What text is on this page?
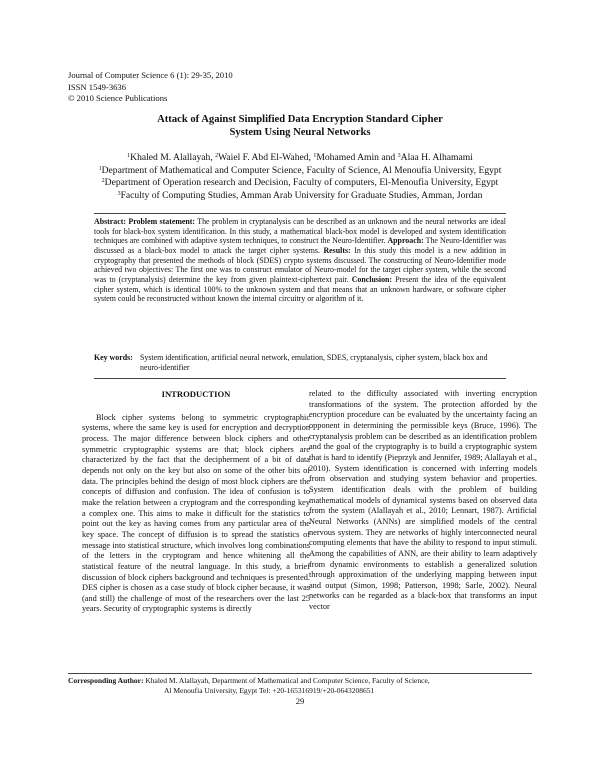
Journal of Computer Science 6 (1): 29-35, 2010
ISSN 1549-3636
© 2010 Science Publications
Attack of Against Simplified Data Encryption Standard Cipher
System Using Neural Networks
$^1$Khaled M. Alallayah, $^2$Waiel F. Abd El-Wahed, $^1$Mohamed Amin and $^3$Alaa H. Alhamami
$^1$Department of Mathematical and Computer Science, Faculty of Science, Al Menoufia University, Egypt
$^2$Department of Operation research and Decision, Faculty of computers, El-Menoufia University, Egypt
$^3$Faculty of Computing Studies, Amman Arab University for Graduate Studies, Amman, Jordan
Abstract: Problem statement: The problem in cryptanalysis can be described as an unknown and the neural networks are ideal tools for black-box system identification. In this study, a mathematical black-box model is developed and system identification techniques are combined with adaptive system techniques, to construct the Neuro-Identifier. Approach: The Neuro-Identifier was discussed as a black-box model to attack the target cipher systems. Results: In this study this model is a new addition in cryptography that presented the methods of block (SDES) crypto systems discussed. The constructing of Neuro-Identifier mode achieved two objectives: The first one was to construct emulator of Neuro-model for the target cipher system, while the second was to (cryptanalysis) determine the key from given plaintext-ciphertext pair. Conclusion: Present the idea of the equivalent cipher system, which is identical 100% to the unknown system and that means that an unknown hardware, or software cipher system could be reconstructed without known the internal circuitry or algorithm of it.
Key words: System identification, artificial neural network, emulation, SDES, cryptanalysis, cipher system, black box and neuro-identifier
INTRODUCTION

Block cipher systems belong to symmetric cryptographic systems, where the same key is used for encryption and decryption process. The major difference between block ciphers and other symmetric cryptographic systems are that; block ciphers are characterized by the fact that the decipherment of a bit of data depends not only on the key but also on some of the other bits of data. The principles behind the design of most block ciphers are the concepts of diffusion and confusion. The idea of confusion is to make the relation between a cryptogram and the corresponding key a complex one. This aims to make it difficult for the statistics to point out the key as having comes from any particular area of the key space. The concept of diffusion is to spread the statistics of message into statistical structure, which involves long combinations of the letters in the cryptogram and hence whitening all the statistical feature of the neutral language. In this study, a brief discussion of block ciphers background and techniques is presented. DES cipher is chosen as a case study of block cipher because, it was (and still) the challenge of most of the researchers over the last 25 years. Security of cryptographic systems is directly

related to the difficulty associated with inverting encryption transformations of the system. The protection afforded by the encryption procedure can be evaluated by the uncertainty facing an opponent in determining the permissible keys (Bruce, 1996). The cryptanalysis problem can be described as an identification problem and the goal of the cryptography is to build a cryptographic system that is hard to identify (Pieprzyk and Jennifer, 1989; Alallayah et al., 2010). System identification is concerned with inferring models from observation and studying system behavior and properties. System identification deals with the problem of building mathematical models of dynamical systems based on observed data from the system (Alallayah et al., 2010; Lennart, 1987). Artificial Neural Networks (ANNs) are simplified models of the central nervous system. They are networks of highly interconnected neural computing elements that have the ability to respond to input stimuli. Among the capabilities of ANN, are their ability to learn adaptively from dynamic environments to establish a generalized solution through approximation of the underlying mapping between input and output (Simon, 1998; Patterson, 1998; Sarle, 2002). Neural networks can be regarded as a black-box that transforms an input vector

Corresponding Author: Khaled M. Alallayah, Department of Mathematical and Computer Science, Faculty of Science,
Al Menoufia University, Egypt Tel: +20-165316919/+20-0643208651
29
